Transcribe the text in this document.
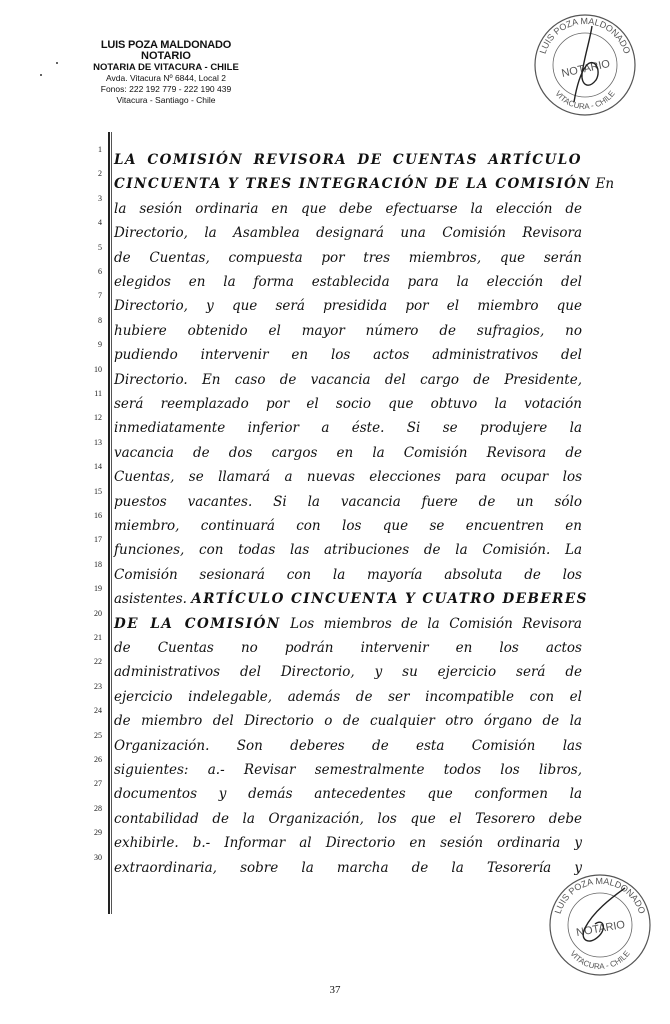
LUIS POZA MALDONADO
NOTARIO
NOTARIA DE VITACURA - CHILE
Avda. Vitacura Nº 6844, Local 2
Fonos: 222 192 779 - 222 190 439
Vitacura - Santiago - Chile
LUIS POZA MALDONADO
VITACURA - CHILE
NOTARIO
LUIS POZA MALDONADO
VITACURA - CHILE
NOTARIO
1
LA COMISIÓN REVISORA DE CUENTAS ARTÍCULO
2
CINCUENTA Y TRES INTEGRACIÓN DE LA COMISIÓN En
3
la sesión ordinaria en que debe efectuarse la elección de
4
Directorio, la Asamblea designará una Comisión Revisora
5
de Cuentas, compuesta por tres miembros, que serán
6
elegidos en la forma establecida para la elección del
7
Directorio, y que será presidida por el miembro que
8
hubiere obtenido el mayor número de sufragios, no
9
pudiendo intervenir en los actos administrativos del
10
Directorio. En caso de vacancia del cargo de Presidente,
11
será reemplazado por el socio que obtuvo la votación
12
inmediatamente inferior a éste. Si se produjere la
13
vacancia de dos cargos en la Comisión Revisora de
14
Cuentas, se llamará a nuevas elecciones para ocupar los
15
puestos vacantes. Si la vacancia fuere de un sólo
16
miembro, continuará con los que se encuentren en
17
funciones, con todas las atribuciones de la Comisión. La
18
Comisión sesionará con la mayoría absoluta de los
19
asistentes. ARTÍCULO CINCUENTA Y CUATRO DEBERES
20
DE LA COMISIÓN Los miembros de la Comisión Revisora
21
de Cuentas no podrán intervenir en los actos
22
administrativos del Directorio, y su ejercicio será de
23
ejercicio indelegable, además de ser incompatible con el
24
de miembro del Directorio o de cualquier otro órgano de la
25
Organización. Son deberes de esta Comisión las
26
siguientes: a.- Revisar semestralmente todos los libros,
27
documentos y demás antecedentes que conformen la
28
contabilidad de la Organización, los que el Tesorero debe
29
exhibirle. b.- Informar al Directorio en sesión ordinaria y
30
extraordinaria, sobre la marcha de la Tesorería y
37
